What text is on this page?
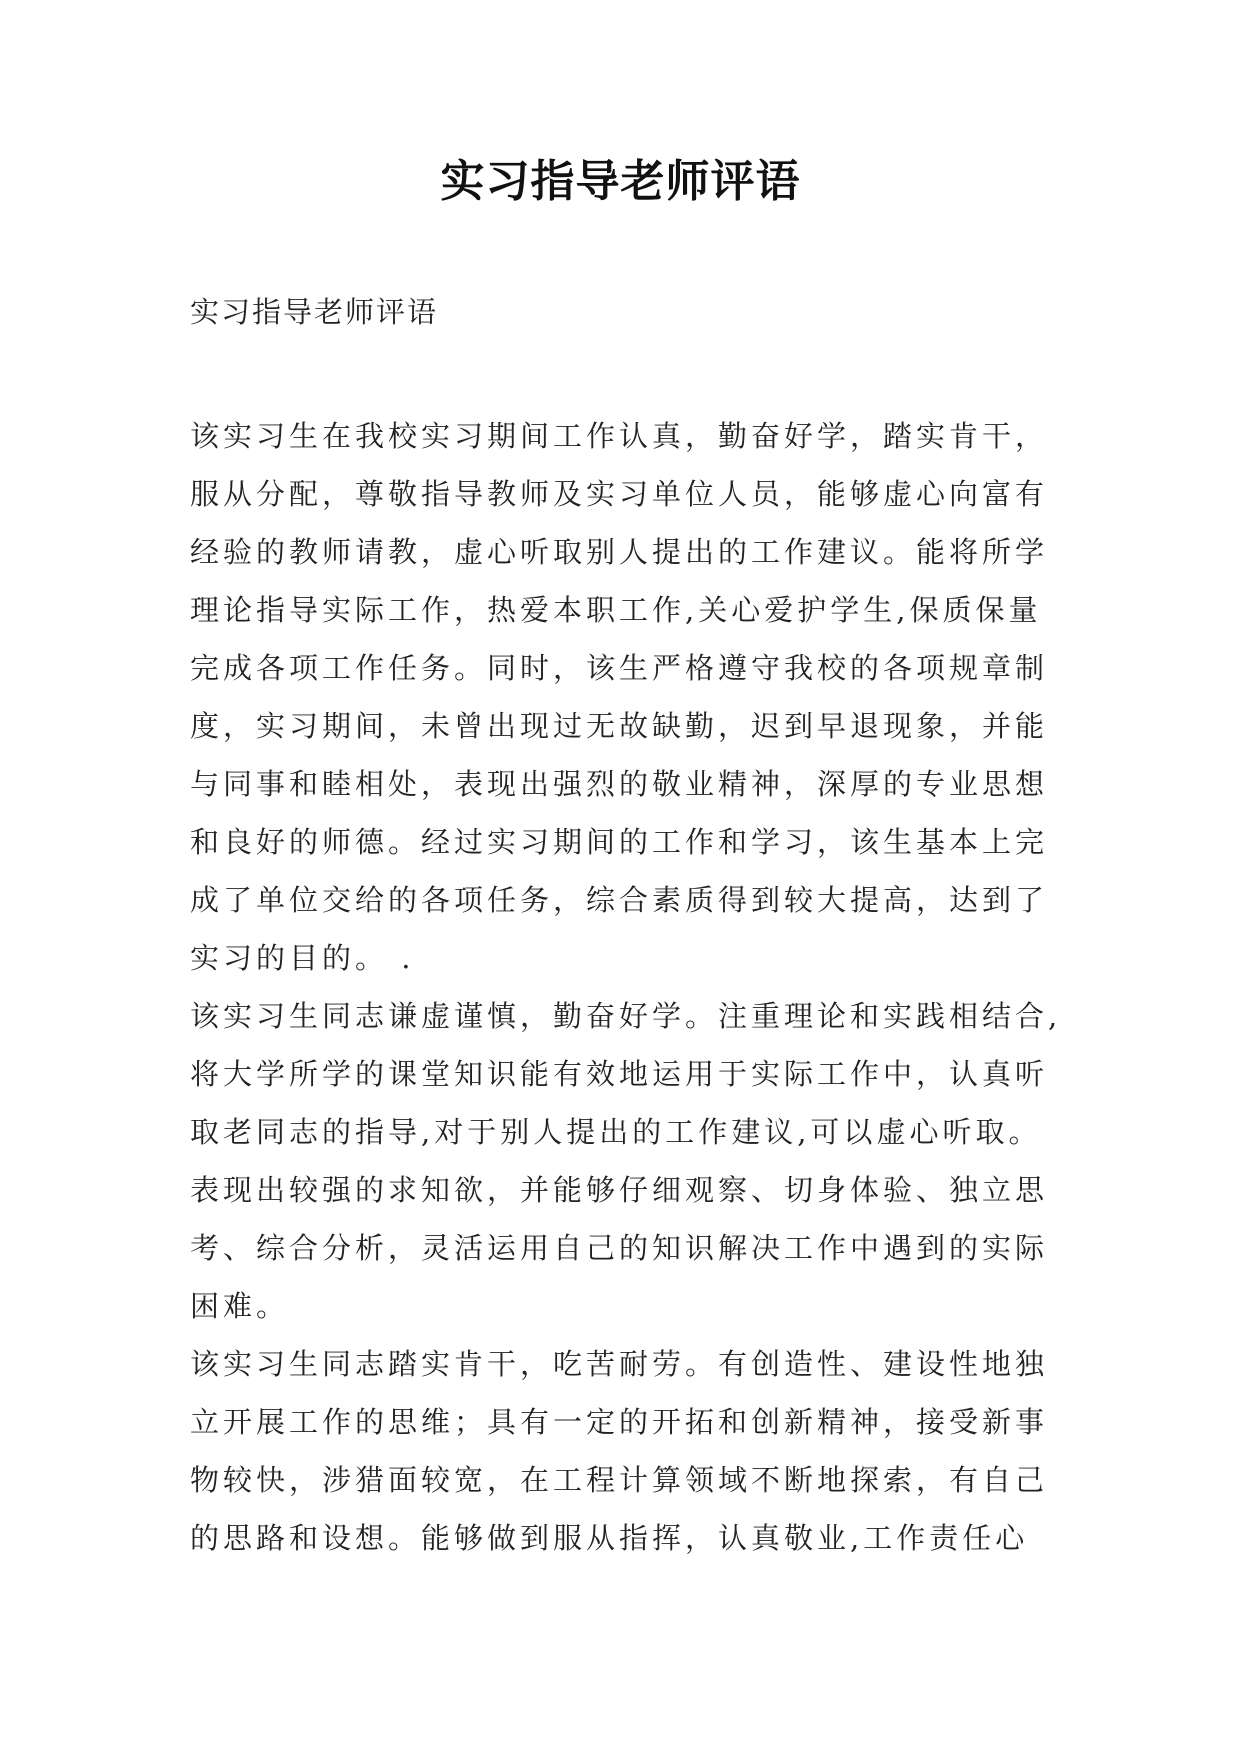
实习指导老师评语
实习指导老师评语
该实习生在我校实习期间工作认真，勤奋好学，踏实肯干，
服从分配，尊敬指导教师及实习单位人员，能够虚心向富有
经验的教师请教，虚心听取别人提出的工作建议。能将所学
理论指导实际工作，热爱本职工作,关心爱护学生,保质保量
完成各项工作任务。同时，该生严格遵守我校的各项规章制
度，实习期间，未曾出现过无故缺勤，迟到早退现象，并能
与同事和睦相处，表现出强烈的敬业精神，深厚的专业思想
和良好的师德。经过实习期间的工作和学习，该生基本上完
成了单位交给的各项任务，综合素质得到较大提高，达到了
实习的目的。 .
该实习生同志谦虚谨慎，勤奋好学。注重理论和实践相结合,
将大学所学的课堂知识能有效地运用于实际工作中，认真听
取老同志的指导,对于别人提出的工作建议,可以虚心听取。
表现出较强的求知欲，并能够仔细观察、切身体验、独立思
考、综合分析，灵活运用自己的知识解决工作中遇到的实际
困难。
该实习生同志踏实肯干，吃苦耐劳。有创造性、建设性地独
立开展工作的思维；具有一定的开拓和创新精神，接受新事
物较快，涉猎面较宽，在工程计算领域不断地探索，有自己
的思路和设想。能够做到服从指挥，认真敬业,工作责任心
